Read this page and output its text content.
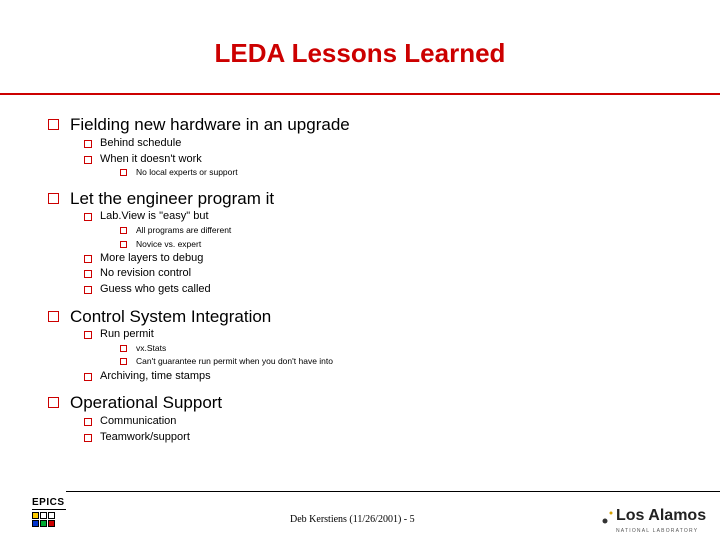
LEDA Lessons Learned
Fielding new hardware in an upgrade
Behind schedule
When it doesn't work
No local experts or support
Let the engineer program it
Lab.View is "easy" but
All programs are different
Novice vs. expert
More layers to debug
No revision control
Guess who gets called
Control System Integration
Run permit
vx.Stats
Can't guarantee run permit when you don't have into
Archiving, time stamps
Operational Support
Communication
Teamwork/support
EPICS
Deb Kerstiens (11/26/2001) - 5	Los Alamos
NATIONAL LABORATORY
